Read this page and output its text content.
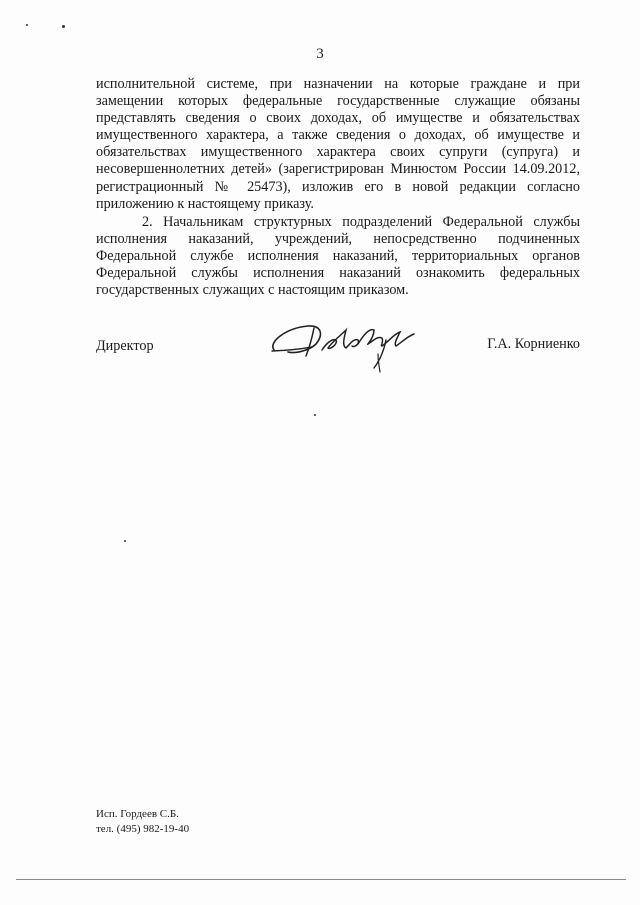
3

исполнительной системе, при назначении на которые граждане и при замещении которых федеральные государственные служащие обязаны представлять сведения о своих доходах, об имуществе и обязательствах имущественного характера, а также сведения о доходах, об имуществе и обязательствах имущественного характера своих супруги (супруга) и несовершеннолетних детей» (зарегистрирован Минюстом России 14.09.2012, регистрационный № 25473), изложив его в новой редакции согласно приложению к настоящему приказу.

2. Начальникам структурных подразделений Федеральной службы исполнения наказаний, учреждений, непосредственно подчиненных Федеральной службе исполнения наказаний, территориальных органов Федеральной службы исполнения наказаний ознакомить федеральных государственных служащих с настоящим приказом.

Директор	Г.А. Корниенко
Исп. Гордеев С.Б.
тел. (495) 982-19-40
